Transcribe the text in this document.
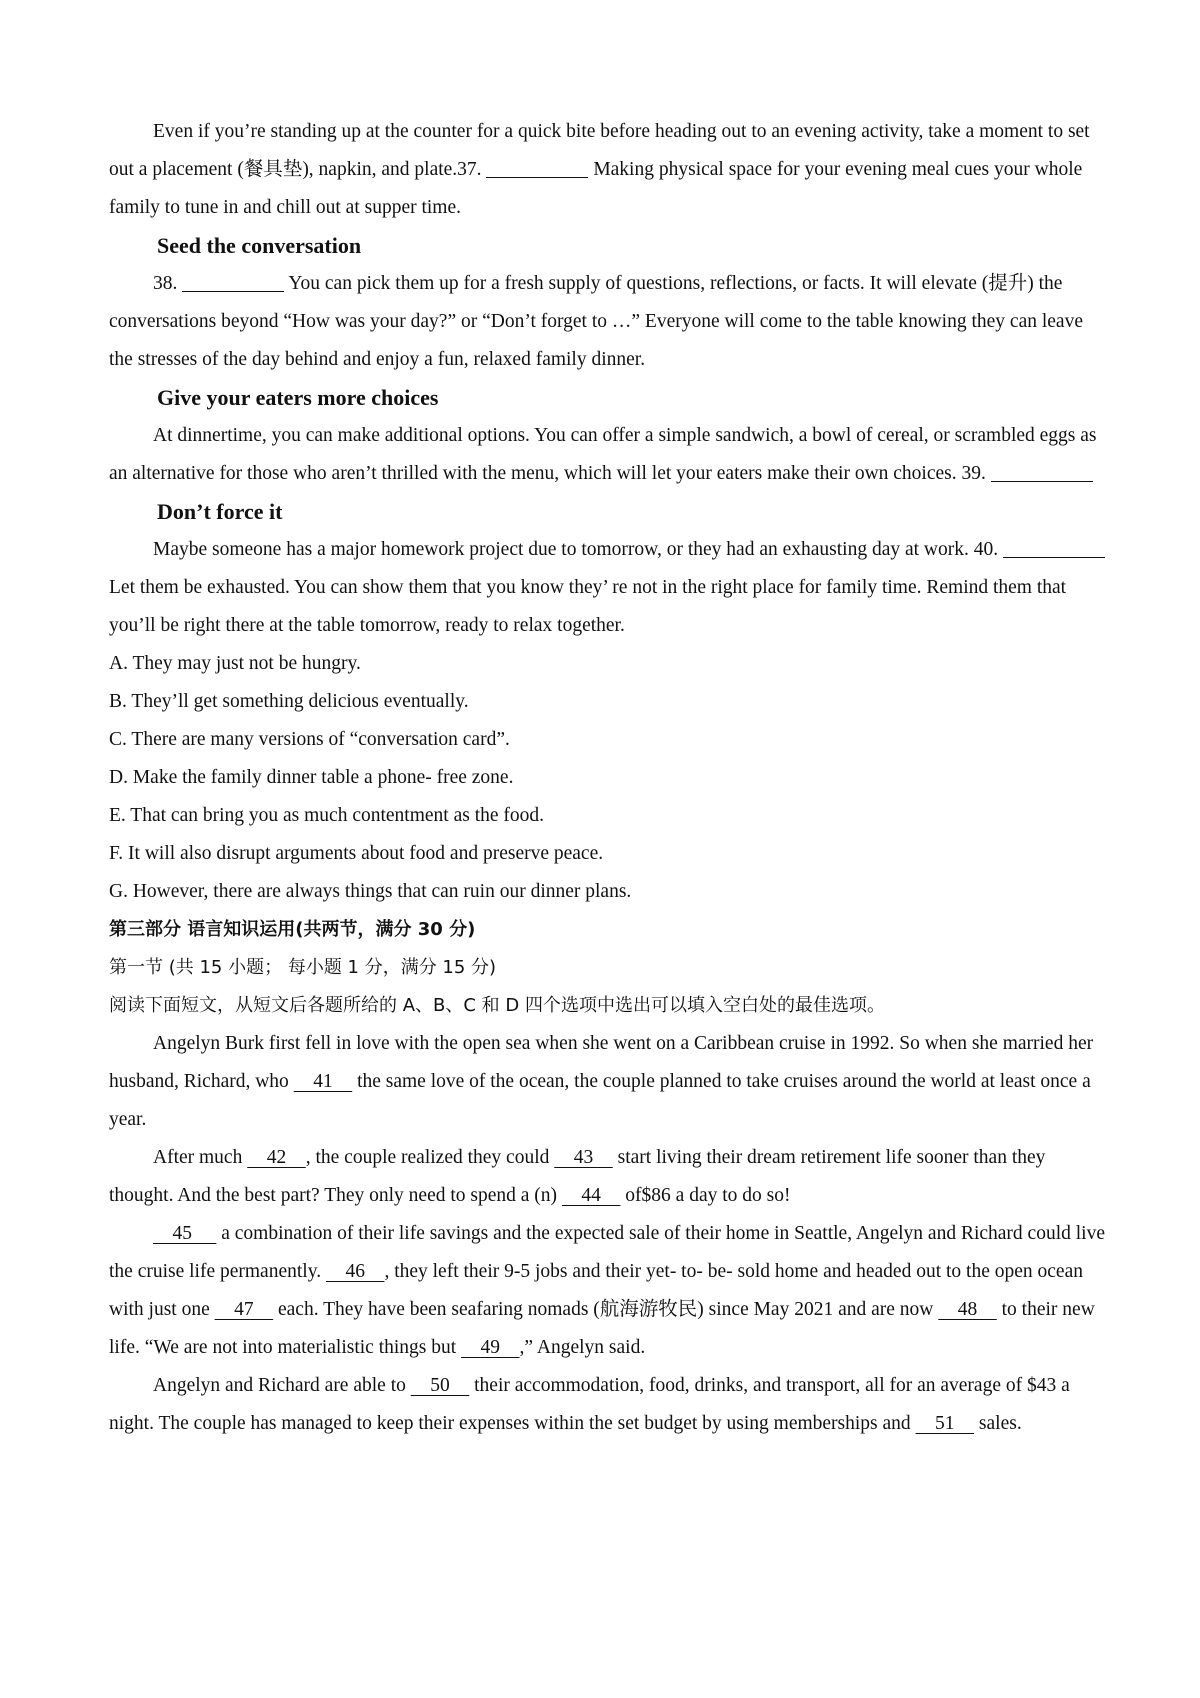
Even if you’re standing up at the counter for a quick bite before heading out to an evening activity, take a moment to set out a placement (餐具垫), napkin, and plate.37.	Making physical space for your evening meal cues your whole family to tune in and chill out at supper time.

Seed the conversation

38.	You can pick them up for a fresh supply of questions, reflections, or facts. It will elevate (提升) the conversations beyond “How was your day?” or “Don’t forget to …” Everyone will come to the table knowing they can leave the stresses of the day behind and enjoy a fun, relaxed family dinner.

Give your eaters more choices

At dinnertime, you can make additional options. You can offer a simple sandwich, a bowl of cereal, or scrambled eggs as an alternative for those who aren’t thrilled with the menu, which will let your eaters make their own choices. 39.

Don’t force it

Maybe someone has a major homework project due to tomorrow, or they had an exhausting day at work. 40.  Let them be exhausted. You can show them that you know they’ re not in the right place for family time. Remind them that you’ll be right there at the table tomorrow, ready to relax together.

A. They may just not be hungry.

B. They’ll get something delicious eventually.

C. There are many versions of “conversation card”.

D. Make the family dinner table a phone- free zone.

E. That can bring you as much contentment as the food.

F. It will also disrupt arguments about food and preserve peace.

G. However, there are always things that can ruin our dinner plans.

第三部分 语言知识运用(共两节，满分 30 分)

第一节 (共 15 小题； 每小题 1 分，满分 15 分)

阅读下面短文，从短文后各题所给的 A、B、C 和 D 四个选项中选出可以填入空白处的最佳选项。

Angelyn Burk first fell in love with the open sea when she went on a Caribbean cruise in 1992. So when she married her husband, Richard, who     41     the same love of the ocean, the couple planned to take cruises around the world at least once a year.

After much     42    , the couple realized they could     43     start living their dream retirement life sooner than they thought. And the best part? They only need to spend a (n)     44     of$86 a day to do so!

45      a combination of their life savings and the expected sale of their home in Seattle, Angelyn and Richard could live the cruise life permanently.     46    , they left their 9-5 jobs and their yet- to- be- sold home and headed out to the open ocean with just one     47     each. They have been seafaring nomads (航海游牧民) since May 2021 and are now     48     to their new life. “We are not into materialistic things but     49    ,” Angelyn said.

Angelyn and Richard are able to     50     their accommodation, food, drinks, and transport, all for an average of $43 a night. The couple has managed to keep their expenses within the set budget by using memberships and     51     sales.
